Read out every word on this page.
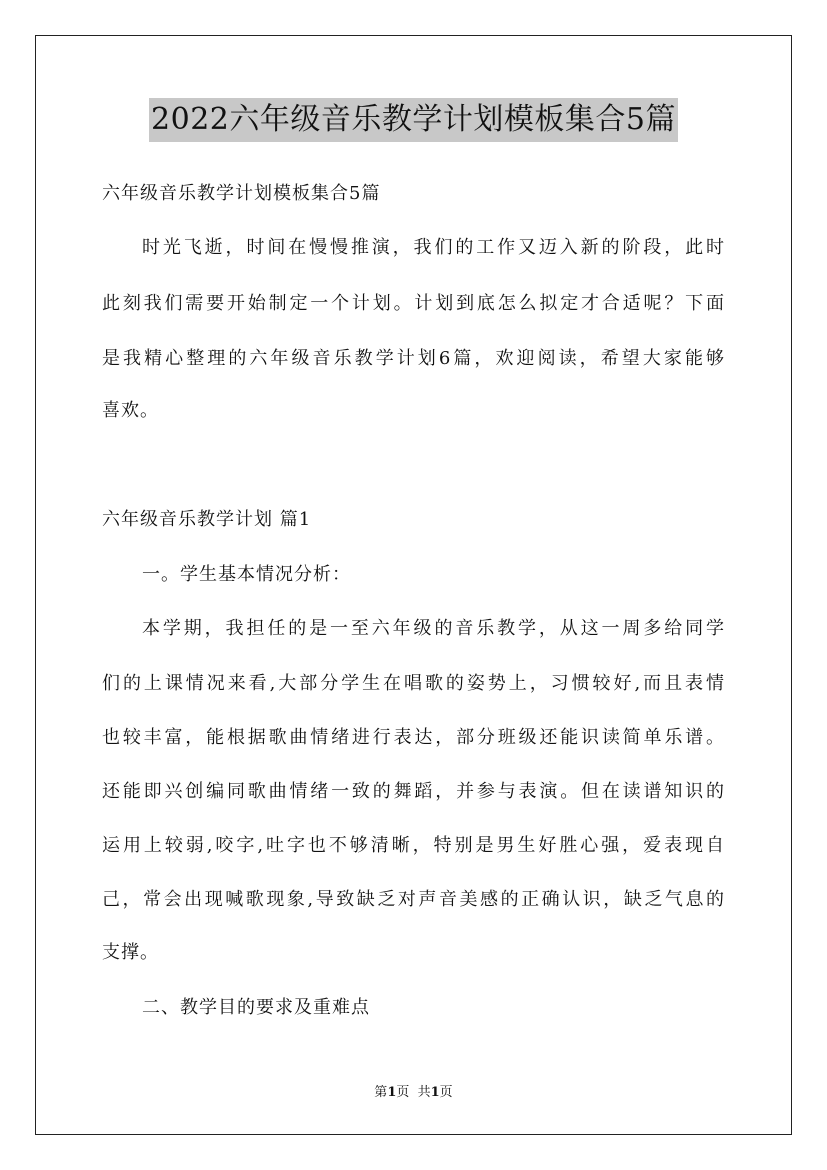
2022六年级音乐教学计划模板集合5篇
六年级音乐教学计划模板集合5篇
时光飞逝，时间在慢慢推演，我们的工作又迈入新的阶段，此时
此刻我们需要开始制定一个计划。计划到底怎么拟定才合适呢？下面
是我精心整理的六年级音乐教学计划6篇，欢迎阅读，希望大家能够
喜欢。
六年级音乐教学计划 篇1
一。学生基本情况分析：
本学期，我担任的是一至六年级的音乐教学，从这一周多给同学
们的上课情况来看,大部分学生在唱歌的姿势上，习惯较好,而且表情
也较丰富，能根据歌曲情绪进行表达，部分班级还能识读简单乐谱。
还能即兴创编同歌曲情绪一致的舞蹈，并参与表演。但在读谱知识的
运用上较弱,咬字,吐字也不够清晰，特别是男生好胜心强，爱表现自
己，常会出现喊歌现象,导致缺乏对声音美感的正确认识，缺乏气息的
支撑。
二、教学目的要求及重难点
第1页  共1页
